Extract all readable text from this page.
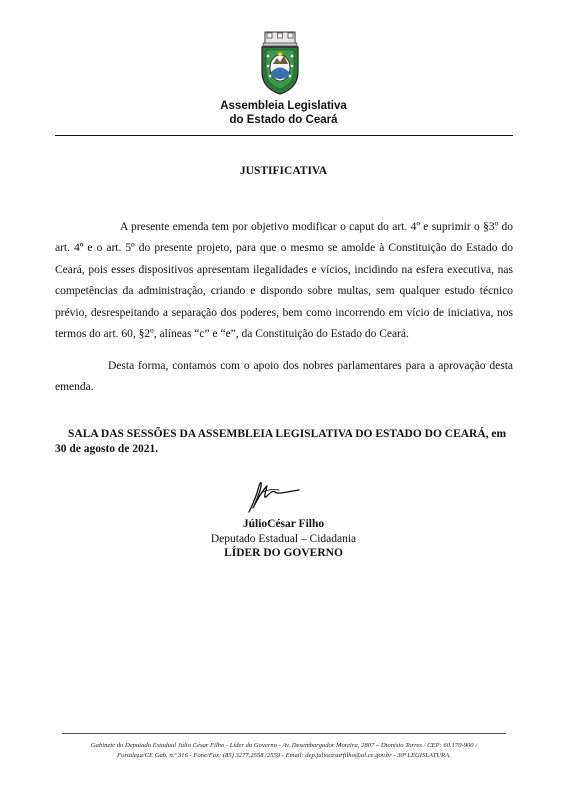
Assembleia Legislativa
do Estado do Ceará
JUSTIFICATIVA

A presente emenda tem por objetivo modificar o caput do art. 4º e suprimir o §3º do art. 4º e o art. 5º do presente projeto, para que o mesmo se amolde à Constituição do Estado do Ceará, pois esses dispositivos apresentam ilegalidades e vícios, incidindo na esfera executiva, nas competências da administração, criando e dispondo sobre multas, sem qualquer estudo técnico prévio, desrespeitando a separação dos poderes, bem como incorrendo em vício de iniciativa, nos termos do art. 60, §2º, alíneas “c” e “e”, da Constituição do Estado do Ceará.

Desta forma, contamos com o apoio dos nobres parlamentares para a aprovação desta emenda.

SALA DAS SESSÕES DA ASSEMBLEIA LEGISLATIVA DO ESTADO DO CEARÁ, em 30 de agosto de 2021.

JúlioCésar Filho
Deputado Estadual – Cidadania
LÍDER DO GOVERNO
Gabinete do Deputado Estadual Júlio César Filho - Líder do Governo - Av. Desembargador Moreira, 2807 – Dionísio Torres / CEP: 60.170-900 /
Fortaleza/CE Gab. n.º 316 - Fone/Fax: (85) 3277.2558 /2559 - Email: dep.juliocesarfilho@al.ce.gov.br - 30ª LEGISLATURA.
